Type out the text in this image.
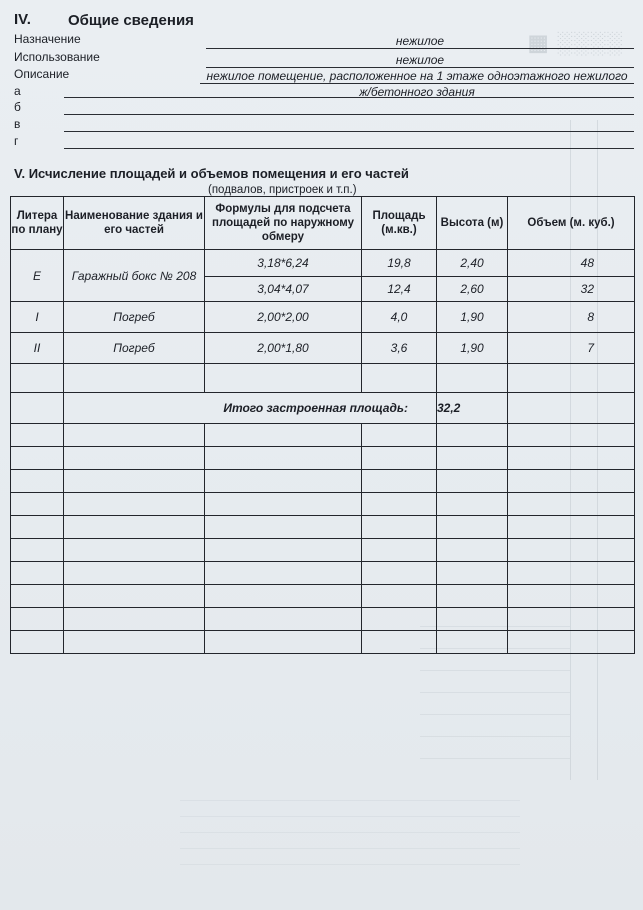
▦ ░░░░
IV. Общие сведения
Назначение	нежилое
Использование	нежилое
Описание	нежилое помещение, расположенное на 1 этаже одноэтажного нежилого
ж/бетонного здания
а
б
в
г
V. Исчисление площадей и объемов помещения и его частей
(подвалов, пристроек и т.п.)
Литера по плану	Наименование здания и его частей	Формулы для подсчета площадей по наружному обмеру	Площадь (м.кв.)	Высота (м)	Объем (м. куб.)
Е	Гаражный бокс № 208	3,18*6,24	19,8	2,40	48
		3,04*4,07	12,4	2,60	32
I	Погреб	2,00*2,00	4,0	1,90	8
II	Погреб	2,00*1,80	3,6	1,90	7

	Итого застроенная площадь:			32,2	
